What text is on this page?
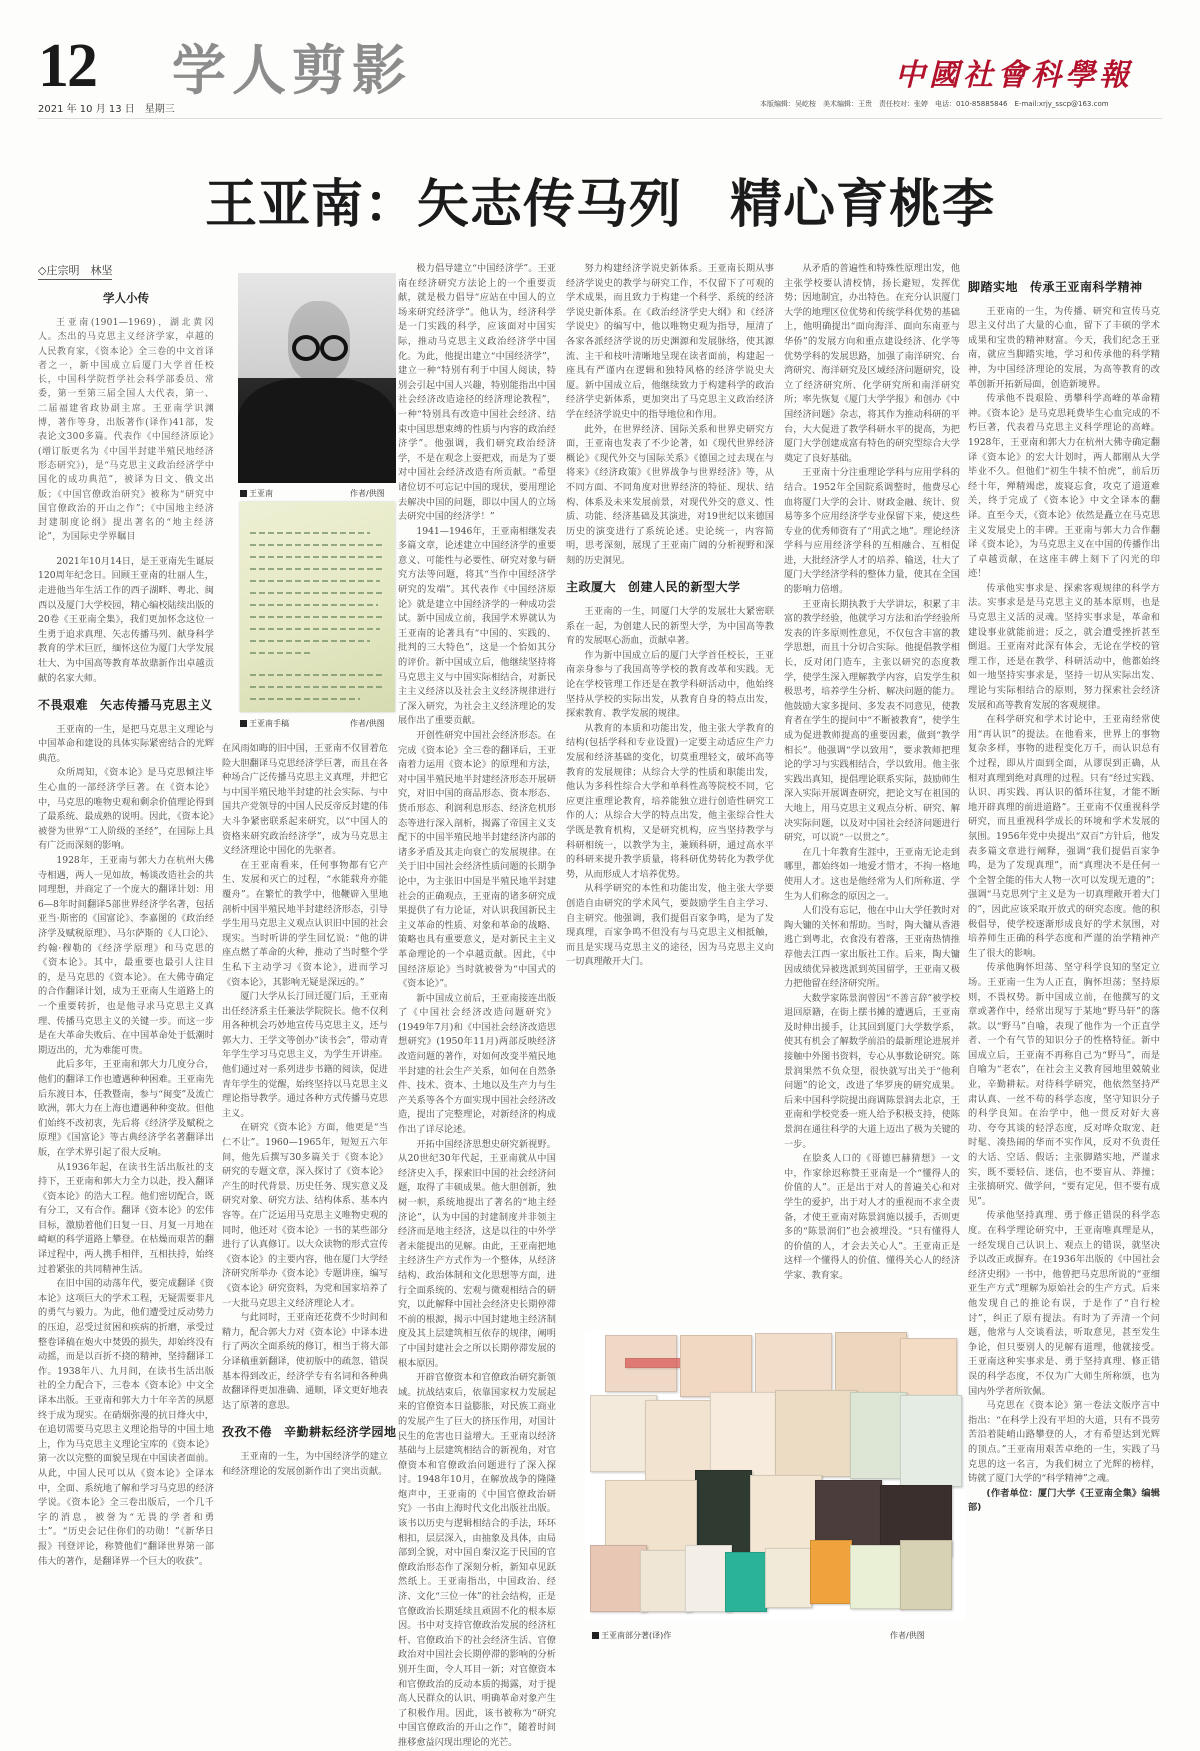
12 学人剪影
2021 年 10 月 13 日　星期三
中國社會科學報
本版编辑：吴屹桉　美术编辑：王贵　责任校对：张婷　电话：010-85885846　E-mail:xrjy_sscp@163.com
王亚南：矢志传马列 精心育桃李
◇庄宗明　林坚
学人小传

王亚南(1901—1969)，湖北黄冈人。杰出的马克思主义经济学家，卓越的人民教育家，《资本论》全三卷的中文首译者之一，新中国成立后厦门大学首任校长，中国科学院哲学社会科学部委员、常委，第一至第三届全国人大代表，第一、二届福建省政协副主席。王亚南学识渊博，著作等身，出版著作(译作)41部，发表论文300多篇。代表作《中国经济原论》(增订版更名为《中国半封建半殖民地经济形态研究》)，是“马克思主义政治经济学中国化的成功典范”，被译为日文、俄文出版；《中国官僚政治研究》被称为“研究中国官僚政治的开山之作”；《中国地主经济封建制度论纲》提出著名的“地主经济论”，为国际史学界瞩目

2021年10月14日，是王亚南先生诞辰120周年纪念日。回顾王亚南的壮丽人生，走进他当年生活工作的西子湖畔、粤北、闽西以及厦门大学校园，精心编校陆续出版的20卷《王亚南全集》，我们更加怀念这位一生勇于追求真理、矢志传播马列、献身科学教育的学术巨匠，缅怀这位为厦门大学发展壮大、为中国高等教育革故鼎新作出卓越贡献的名家大师。

不畏艰难 矢志传播马克思主义

王亚南的一生，是把马克思主义理论与中国革命和建设的具体实际紧密结合的光辉典范。

众所周知，《资本论》是马克思倾注毕生心血的一部经济学巨著。在《资本论》中，马克思的唯物史观和剩余价值理论得到了最系统、最成熟的说明。因此，《资本论》被誉为世界“工人阶级的圣经”，在国际上具有广泛而深刻的影响。

1928年，王亚南与郭大力在杭州大佛寺相遇，两人一见如故，畅谈改造社会的共同理想，并商定了一个庞大的翻译计划：用6—8年时间翻译5部世界经济学名著，包括亚当·斯密的《国富论》、李嘉图的《政治经济学及赋税原理》、马尔萨斯的《人口论》、约翰·穆勒的《经济学原理》和马克思的《资本论》。其中，最重要也最引人注目的，是马克思的《资本论》。在大佛寺确定的合作翻译计划，成为王亚南人生道路上的一个重要转折，也是他寻求马克思主义真理、传播马克思主义的关键一步。而这一步是在大革命失败后、在中国革命处于低潮时期迈出的，尤为难能可贵。

此后多年，王亚南和郭大力几度分合，他们的翻译工作也遭遇种种困难。王亚南先后东渡日本，任教暨南，参与“闽变”及流亡欧洲，郭大力在上海也遭遇种种变故。但他们始终不改初衷，先后将《经济学及赋税之原理》《国富论》等古典经济学名著翻译出版，在学术界引起了很大反响。

从1936年起，在读书生活出版社的支持下，王亚南和郭大力全力以赴，投入翻译《资本论》的浩大工程。他们密切配合，既有分工，又有合作。翻译《资本论》的宏伟目标，激励着他们日复一日、月复一月地在崎岖的科学道路上攀登。在枯燥而艰苦的翻译过程中，两人携手相伴，互相扶持，始终过着紧张的共同精神生活。

在旧中国的动荡年代，要完成翻译《资本论》这项巨大的学术工程，无疑需要非凡的勇气与毅力。为此，他们遭受过反动势力的压迫，忍受过贫困和疾病的折磨，承受过整卷译稿在炮火中焚毁的损失，却始终没有动摇，而是以百折不挠的精神，坚持翻译工作。1938年八、九月间，在读书生活出版社的全力配合下，三卷本《资本论》中文全译本出版。王亚南和郭大力十年辛苦的夙愿终于成为现实。在硝烟弥漫的抗日烽火中，在追切需要马克思主义理论指导的中国土地上，作为马克思主义理论宝库的《资本论》第一次以完整的面貌呈现在中国读者面前。从此，中国人民可以从《资本论》全译本中，全面、系统地了解和学习马克思的经济学说。《资本论》全三卷出版后，一个几千字的消息，被誉为“无畏的学者和勇士”。“历史会记住你们的功勋！”《新华日报》刊登评论，称赞他们“翻译世界第一部伟大的著作，是翻译界一个巨大的收获”。

王亚南	作者/供图
王亚南手稿	作者/供图

在风雨如晦的旧中国，王亚南不仅冒着危险大胆翻译马克思经济学巨著，而且在各种场合广泛传播马克思主义真理，并把它与中国半殖民地半封建的社会实际、与中国共产党领导的中国人民反帝反封建的伟大斗争紧密联系起来研究，以“中国人的资格来研究政治经济学”，成为马克思主义经济理论中国化的先驱者。

在王亚南看来，任何事物都有它产生、发展和灭亡的过程，“水能载舟亦能覆舟”。在繁忙的教学中，他鞭辟入里地剖析中国半殖民地半封建经济形态，引导学生用马克思主义观点认识旧中国的社会现实。当时听讲的学生回忆说：“他的讲座点燃了革命的火种，推动了当时整个学生私下主动学习《资本论》，进而学习《资本论》，其影响无疑是深远的。”

厦门大学从长汀回迁厦门后，王亚南出任经济系主任兼法学院院长。他不仅利用各种机会巧妙地宣传马克思主义，还与郭大力、王学文等创办“读书会”，带动青年学生学习马克思主义，为学生开讲座。他们通过对一系列进步书籍的阅读，促进青年学生的觉醒，始终坚持以马克思主义理论指导教学。通过各种方式传播马克思主义。

在研究《资本论》方面，他更是“当仁不让”。1960—1965年，短短五六年间，他先后撰写30多篇关于《资本论》研究的专题文章，深入探讨了《资本论》产生的时代背景、历史任务、现实意义及研究对象、研究方法、结构体系、基本内容等。在广泛运用马克思主义唯物史观的同时，他还对《资本论》一书的某些部分进行了认真修订。以大众读物的形式宣传《资本论》的主要内容，他在厦门大学经济研究所举办《资本论》专题讲座，编写《资本论》研究资料，为党和国家培养了一大批马克思主义经济理论人才。

与此同时，王亚南还花费不少时间和精力，配合郭大力对《资本论》中译本进行了两次全面系统的修订，相当于将大部分译稿重新翻译，使初版中的疏忽、错误基本得到改正，经济学专有名词和各种典故翻译得更加准确、通顺，译文更好地表达了原著的意思。

孜孜不倦 辛勤耕耘经济学园地

王亚南的一生，为中国经济学的建立和经济理论的发展创新作出了突出贡献。

极力倡导建立“中国经济学”。王亚南在经济研究方法论上的一个重要贡献，就是极力倡导“应站在中国人的立场来研究经济学”。他认为，经济科学是一门实践的科学，应该面对中国实际，推动马克思主义政治经济学中国化。为此，他提出建立“中国经济学”，建立一种“特别有利于中国人阅读，特别会引起中国人兴趣，特别能指出中国社会经济改造途径的经济理论教程”，一种“特别具有改造中国社会经济、结束中国思想束缚的性质与内容的政治经济学”。他强调，我们研究政治经济学，不是在观念上耍把戏，而是为了要对中国社会经济改造有所贡献。“希望诸位切不可忘记中国的现状，要用理论去解决中国的问题，即以中国人的立场去研究中国的经济学！”

1941—1946年，王亚南相继发表多篇文章，论述建立中国经济学的重要意义、可能性与必要性、研究对象与研究方法等问题，将其“当作中国经济学研究的发端”。其代表作《中国经济原论》就是建立中国经济学的一种成功尝试。新中国成立前，我国学术界就认为王亚南的论著具有“中国的、实践的、批判的三大特色”，这是一个恰如其分的评价。新中国成立后，他继续坚持将马克思主义与中国实际相结合，对新民主主义经济以及社会主义经济规律进行了深入研究，为社会主义经济理论的发展作出了重要贡献。

开创性研究中国社会经济形态。在完成《资本论》全三卷的翻译后，王亚南着力运用《资本论》的原理和方法，对中国半殖民地半封建经济形态开展研究，对旧中国的商品形态、资本形态、货币形态、利润利息形态、经济危机形态等进行深入剖析，揭露了帝国主义支配下的中国半殖民地半封建经济内部的诸多矛盾及其走向衰亡的发展规律。在关于旧中国社会经济性质问题的长期争论中，为主张旧中国是半殖民地半封建社会的正确观点，王亚南的诸多研究成果提供了有力论证，对认识我国新民主主义革命的性质、对象和革命的战略、策略也具有重要意义，是对新民主主义革命理论的一个卓越贡献。因此，《中国经济原论》当时就被誉为“中国式的《资本论》”。

新中国成立前后，王亚南接连出版了《中国社会经济改造问题研究》(1949年7月)和《中国社会经济改造思想研究》(1950年11月)两部反映经济改造问题的著作，对如何改变半殖民地半封建的社会生产关系，如何在自然条件、技术、资本、土地以及生产力与生产关系等各个方面实现中国社会经济改造，提出了完整理论，对新经济的构成作出了详尽论述。

开拓中国经济思想史研究新视野。从20世纪30年代起，王亚南就从中国经济史入手，探索旧中国的社会经济问题，取得了丰硕成果。他大胆创新，独树一帜，系统地提出了著名的“地主经济论”，认为中国的封建制度并非领主经济而是地主经济，这是以往的中外学者未能提出的见解。由此，王亚南把地主经济生产方式作为一个整体，从经济结构、政治体制和文化思想等方面，进行全面系统的、宏观与微观相结合的研究，以此解释中国社会经济史长期停滞不前的根源，揭示中国封建地主经济制度及其上层建筑相互依存的规律，阐明了中国封建社会之所以长期停滞发展的根本原因。

开辟官僚资本和官僚政治研究新领域。抗战结束后，依靠国家权力发展起来的官僚资本日益膨胀，对民族工商业的发展产生了巨大的挤压作用，对国计民生的危害也日益增大。王亚南以经济基础与上层建筑相结合的新视角，对官僚资本和官僚政治问题进行了深入探讨。1948年10月，在解放战争的隆隆炮声中，王亚南的《中国官僚政治研究》一书由上海时代文化出版社出版。该书以历史与逻辑相结合的手法，环环相扣，层层深入，由抽象及具体，由局部到全貌，对中国自秦汉迄于民国的官僚政治形态作了深刻分析，新知卓见跃然纸上。王亚南指出，中国政治、经济、文化“三位一体”的社会结构，正是官僚政治长期延续且顽固不化的根本原因。书中对支持官僚政治发展的经济杠杆、官僚政治下的社会经济生活、官僚政治对中国社会长期停滞的影响的分析别开生面，令人耳目一新；对官僚资本和官僚政治的反动本质的揭露，对于提高人民群众的认识、明确革命对象产生了积极作用。因此，该书被称为“研究中国官僚政治的开山之作”，随着时间推移愈益闪现出理论的光芒。

努力构建经济学说史新体系。王亚南长期从事经济学说史的教学与研究工作，不仅留下了可观的学术成果，而且致力于构建一个科学、系统的经济学说史新体系。在《政治经济学史大纲》和《经济学说史》的编写中，他以唯物史观为指导，厘清了各家各派经济学说的历史渊源和发展脉络，使其源流、主干和枝叶清晰地呈现在读者面前，构建起一座具有严谨内在逻辑和独特风格的经济学说史大厦。新中国成立后，他继续致力于构建科学的政治经济学史新体系，更加突出了马克思主义政治经济学在经济学说史中的指导地位和作用。

此外，在世界经济、国际关系和世界史研究方面，王亚南也发表了不少论著，如《现代世界经济概论》《现代外交与国际关系》《德国之过去现在与将来》《经济政策》《世界战争与世界经济》等，从不同方面、不同角度对世界经济的特征、现状、结构、体系及未来发展前景，对现代外交的意义、性质、功能、经济基础及其演进，对19世纪以来德国历史的演变进行了系统论述。史论统一，内容简明，思考深刻，展现了王亚南广阔的分析视野和深刻的历史洞见。

主政厦大 创建人民的新型大学

王亚南的一生，同厦门大学的发展壮大紧密联系在一起，为创建人民的新型大学，为中国高等教育的发展呕心沥血，贡献卓著。

作为新中国成立后的厦门大学首任校长，王亚南亲身参与了我国高等学校的教育改革和实践。无论在学校管理工作还是在教学科研活动中，他始终坚持从学校的实际出发，从教育自身的特点出发，探索教育、教学发展的规律。

从教育的本质和功能出发，他主张大学教育的结构(包括学科和专业设置)一定要主动适应生产力发展和经济基础的变化，切莫重理轻文，破坏高等教育的发展规律；从综合大学的性质和职能出发，他认为多科性综合大学和单科性高等院校不同，它应更注重理论教育，培养能独立进行创造性研究工作的人；从综合大学的特点出发，他主张综合性大学既是教育机构，又是研究机构，应当坚持教学与科研相统一，以教学为主，兼顾科研，通过高水平的科研来提升教学质量，将科研优势转化为教学优势，从而形成人才培养优势。

从科学研究的本性和功能出发，他主张大学要创造自由研究的学术风气，要鼓励学生自主学习、自主研究。他强调，我们提倡百家争鸣，是为了发现真理，百家争鸣不但没有与马克思主义相抵触，而且是实现马克思主义的途径，因为马克思主义向一切真理敞开大门。

从矛盾的普遍性和特殊性原理出发，他主张学校要认清校情，扬长避短，发挥优势；因地制宜，办出特色。在充分认识厦门大学的地理区位优势和传统学科优势的基础上，他明确提出“面向海洋、面向东南亚与华侨”的发展方向和重点建设经济、化学等优势学科的发展思路，加强了南洋研究、台湾研究、海洋研究及区域经济问题研究，设立了经济研究所、化学研究所和南洋研究所；率先恢复《厦门大学学报》和创办《中国经济问题》杂志，将其作为推动科研的平台，大大促进了教学科研水平的提高，为把厦门大学创建成富有特色的研究型综合大学奠定了良好基础。

王亚南十分注重理论学科与应用学科的结合。1952年全国院系调整时，他费尽心血将厦门大学的会计、财政金融、统计、贸易等多个应用经济学专业保留下来，使这些专业的优秀师资有了“用武之地”。理论经济学科与应用经济学科的互相融合、互相促进，大批经济学人才的培养、输送，壮大了厦门大学经济学科的整体力量，使其在全国的影响力倍增。

王亚南长期执教于大学讲坛，积累了丰富的教学经验，他就学习方法和治学经验所发表的许多原则性意见，不仅包含丰富的教学思想，而且十分切合实际。他提倡教学相长，反对闭门造车，主张以研究的态度教学，使学生深入理解教学内容，启发学生积极思考，培养学生分析、解决问题的能力。他鼓励大家多提问、多发表不同意见，使教育者在学生的提问中“不断被教育”，使学生成为促进教师提高的重要因素，做到“教学相长”。他强调“学以致用”，要求教师把理论的学习与实践相结合，学以致用。他主张实践出真知，提倡理论联系实际，鼓励师生深入实际开展调查研究，把论文写在祖国的大地上，用马克思主义观点分析、研究、解决实际问题，以及对中国社会经济问题进行研究，可以说“一以贯之”。

在几十年教育生涯中，王亚南无论走到哪里，都始终如一地爱才惜才，不拘一格地使用人才。这也是他经常为人们所称道、学生为人们称念的原因之一。

人们没有忘记，他在中山大学任教时对陶大镛的关怀和帮助。当时，陶大镛从香港逃亡到粤北，衣食没有着落，王亚南热情推荐他去江西一家出版社工作。后来，陶大镛因成绩优异被选派到英国留学，王亚南又极力把他留在经济研究所。

大数学家陈景润曾因“不善言辞”被学校退回原籍，在街上摆书摊的遭遇后，王亚南及时伸出援手，让其回到厦门大学数学系，使其有机会了解数学前沿的最新理论进展并接触中外图书资料，专心从事数论研究。陈景润果然不负众望，很快就写出关于“他利问题”的论文，改进了华罗庚的研究成果。后来中国科学院提出商调陈景润去北京，王亚南和学校党委一班人给予积极支持，使陈景润在通往科学的大道上迈出了极为关键的一步。

在脍炙人口的《哥德巴赫猜想》一文中，作家徐迟称赞王亚南是一个“懂得人的价值的人”。正是出于对人的普遍关心和对学生的爱护，出于对人才的重视而不求全责备，才使王亚南对陈景润施以援手，否则更多的“陈景润们”也会被埋没。“只有懂得人的价值的人，才会去关心人”。王亚南正是这样一个懂得人的价值、懂得关心人的经济学家、教育家。

王亚南部分著(译)作	作者/供图
脚踏实地 传承王亚南科学精神

王亚南的一生，为传播、研究和宣传马克思主义付出了大量的心血，留下了丰硕的学术成果和宝贵的精神财富。今天，我们纪念王亚南，就应当脚踏实地，学习和传承他的科学精神，为中国经济理论的发展，为高等教育的改革创新开拓新局面，创造新境界。

传承他不畏艰险、勇攀科学高峰的革命精神。《资本论》是马克思耗费毕生心血完成的不朽巨著，代表着马克思主义科学理论的高峰。1928年，王亚南和郭大力在杭州大佛寺确定翻译《资本论》的宏大计划时，两人都刚从大学毕业不久。但他们“初生牛犊不怕虎”，前后历经十年，殚精竭虑，废寝忘食，攻克了道道难关，终于完成了《资本论》中文全译本的翻译。直至今天，《资本论》依然是矗立在马克思主义发展史上的丰碑。王亚南与郭大力合作翻译《资本论》，为马克思主义在中国的传播作出了卓越贡献，在这座丰碑上刻下了闪光的印迹！

传承他实事求是、探索客观规律的科学方法。实事求是是马克思主义的基本原则，也是马克思主义活的灵魂。坚持实事求是，革命和建设事业就能前进；反之，就会遭受挫折甚至倒退。王亚南对此深有体会，无论在学校的管理工作，还是在教学、科研活动中，他都始终如一地坚持实事求是，坚持一切从实际出发、理论与实际相结合的原则，努力探索社会经济发展和高等教育发展的客观规律。

在科学研究和学术讨论中，王亚南经常使用“再认识”的提法。在他看来，世界上的事物复杂多样，事物的进程变化万千，而认识总有个过程，即从片面到全面，从谬误到正确，从相对真理到绝对真理的过程。只有“经过实践、认识、再实践、再认识的循环往复，才能不断地开辟真理的前进道路”。王亚南不仅重视科学研究，而且重视科学成长的环境和学术发展的氛围。1956年党中央提出“双百”方针后，他发表多篇文章进行阐释，强调“我们提倡百家争鸣，是为了发现真理”，而“真理决不是任何一个全智全能的伟大人物一次可以发现无遗的”；强调“马克思列宁主义是为一切真理敞开着大门的”，因此应该采取开放式的研究态度。他的积极倡导，使学校逐渐形成良好的学术氛围，对培养师生正确的科学态度和严谨的治学精神产生了很大的影响。

传承他胸怀坦荡、坚守科学良知的坚定立场。王亚南一生为人正直，胸怀坦荡；坚持原则，不畏权势。新中国成立前，在他撰写的文章或著作中，经常出现写于某地“野马轩”的落款。以“野马”自喻，表现了他作为一个正直学者、一个有气节的知识分子的性格特征。新中国成立后，王亚南不再称自己为“野马”，而是自喻为“老农”，在社会主义教育园地里兢兢业业，辛勤耕耘。对待科学研究，他依然坚持严肃认真、一丝不苟的科学态度，坚守知识分子的科学良知。在治学中，他一贯反对好大喜功、夸夸其谈的轻浮态度，反对哗众取宠、赶时髦、凑热闹的华而不实作风，反对不负责任的大话、空话、假话；主张脚踏实地，严谨求实，既不要轻信、迷信，也不要盲从、莽撞；主张搞研究、做学问，“要有定见，但不要有成见”。

传承他坚持真理、勇于修正错误的科学态度。在科学理论研究中，王亚南唯真理是从，一经发现自己认识上、观点上的错误，就坚决予以改正或摒弃。在1936年出版的《中国社会经济史纲》一书中，他曾把马克思所说的“亚细亚生产方式”理解为原始社会的生产方式。后来他发现自己的推论有误，于是作了“自行检讨”，纠正了原有提法。有时为了弄清一个问题，他常与人交谈看法，听取意见，甚至发生争论，但只要别人的见解有道理，他就接受。王亚南这种实事求是、勇于坚持真理、修正错误的科学态度，不仅为广大师生所称颂，也为国内外学者所钦佩。

马克思在《资本论》第一卷法文版序言中指出：“在科学上没有平坦的大道，只有不畏劳苦沿着陡峭山路攀登的人，才有希望达到光辉的顶点。”王亚南用艰苦卓绝的一生，实践了马克思的这一名言，为我们树立了光辉的榜样，铸就了厦门大学的“科学精神”之魂。

(作者单位：厦门大学《王亚南全集》编辑部)
